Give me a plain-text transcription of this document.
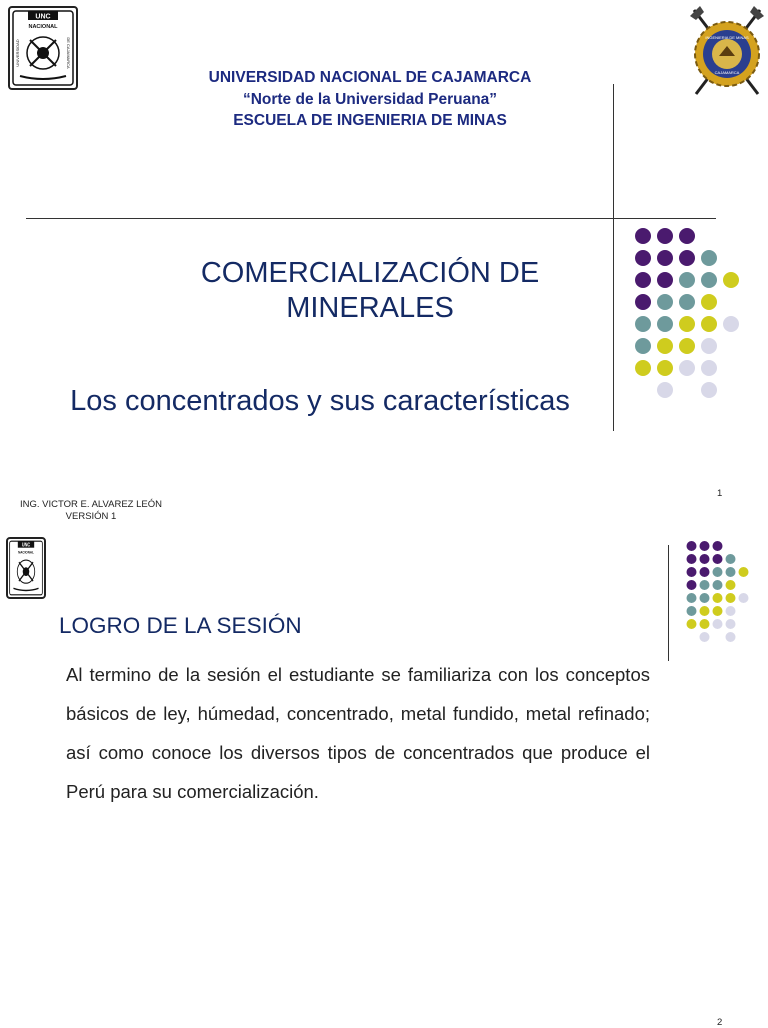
UNC
NACIONAL
UNIVERSIDAD	DE CAJAMARCA	INGENIERIA DE MINAS
CAJAMARCA
UNIVERSIDAD NACIONAL DE CAJAMARCA
“Norte de la Universidad Peruana”
ESCUELA DE INGENIERIA DE MINAS
COMERCIALIZACIÓN DE
MINERALES
Los concentrados y sus características
ING. VICTOR E. ALVAREZ LEÓN
VERSIÓN 1
1
UNC
NACIONAL
LOGRO DE LA SESIÓN
Al termino de la sesión el estudiante se familiariza con los conceptos básicos de ley, húmedad, concentrado, metal fundido, metal refinado; así como conoce los diversos tipos de concentrados que produce el Perú para su comercialización.
2
